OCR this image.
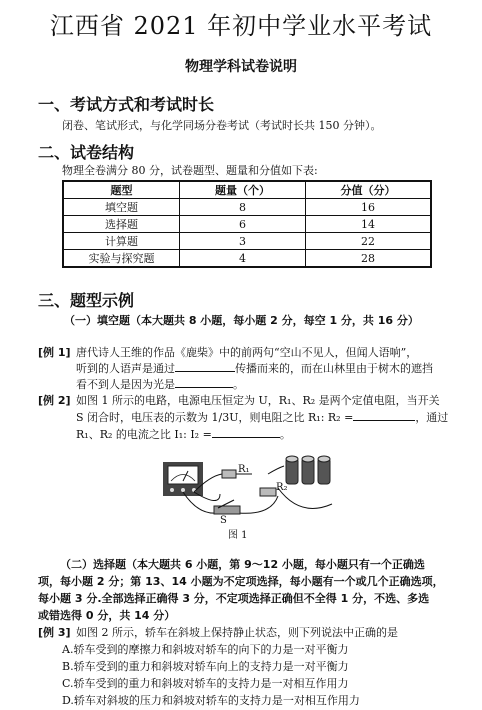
江西省 2021 年初中学业水平考试
物理学科试卷说明
一、考试方式和考试时长
闭卷、笔试形式，与化学同场分卷考试（考试时长共 150 分钟）。
二、试卷结构
物理全卷满分 80 分，试卷题型、题量和分值如下表:
题型	题量（个）	分值（分）
填空题	8	16
选择题	6	14
计算题	3	22
实验与探究题	4	28
三、题型示例
（一）填空题（本大题共 8 小题，每小题 2 分，每空 1 分，共 16 分）
[例 1] 唐代诗人王维的作品《鹿柴》中的前两句“空山不见人，但闻人语响”，
听到的人语声是通过	传播而来的，而在山林里由于树木的遮挡
看不到人是因为光是	。
[例 2] 如图 1 所示的电路，电源电压恒定为 U，R₁、R₂ 是两个定值电阻，当开关
S 闭合时，电压表的示数为 1/3U，则电阻之比 R₁: R₂ =	，通过
R₁、R₂ 的电流之比 I₁: I₂ =	。
R₁
R₂
S
图 1
（二）选择题（本大题共 6 小题，第 9～12 小题，每小题只有一个正确选
项，每小题 2 分；第 13、14 小题为不定项选择，每小题有一个或几个正确选项，
每小题 3 分.全部选择正确得 3 分，不定项选择正确但不全得 1 分，不选、多选
或错选得 0 分，共 14 分）
[例 3] 如图 2 所示，轿车在斜坡上保持静止状态，则下列说法中正确的是
A.轿车受到的摩擦力和斜坡对轿车的向下的力是一对平衡力
B.轿车受到的重力和斜坡对轿车向上的支持力是一对平衡力
C.轿车受到的重力和斜坡对轿车的支持力是一对相互作用力
D.轿车对斜坡的压力和斜坡对轿车的支持力是一对相互作用力
